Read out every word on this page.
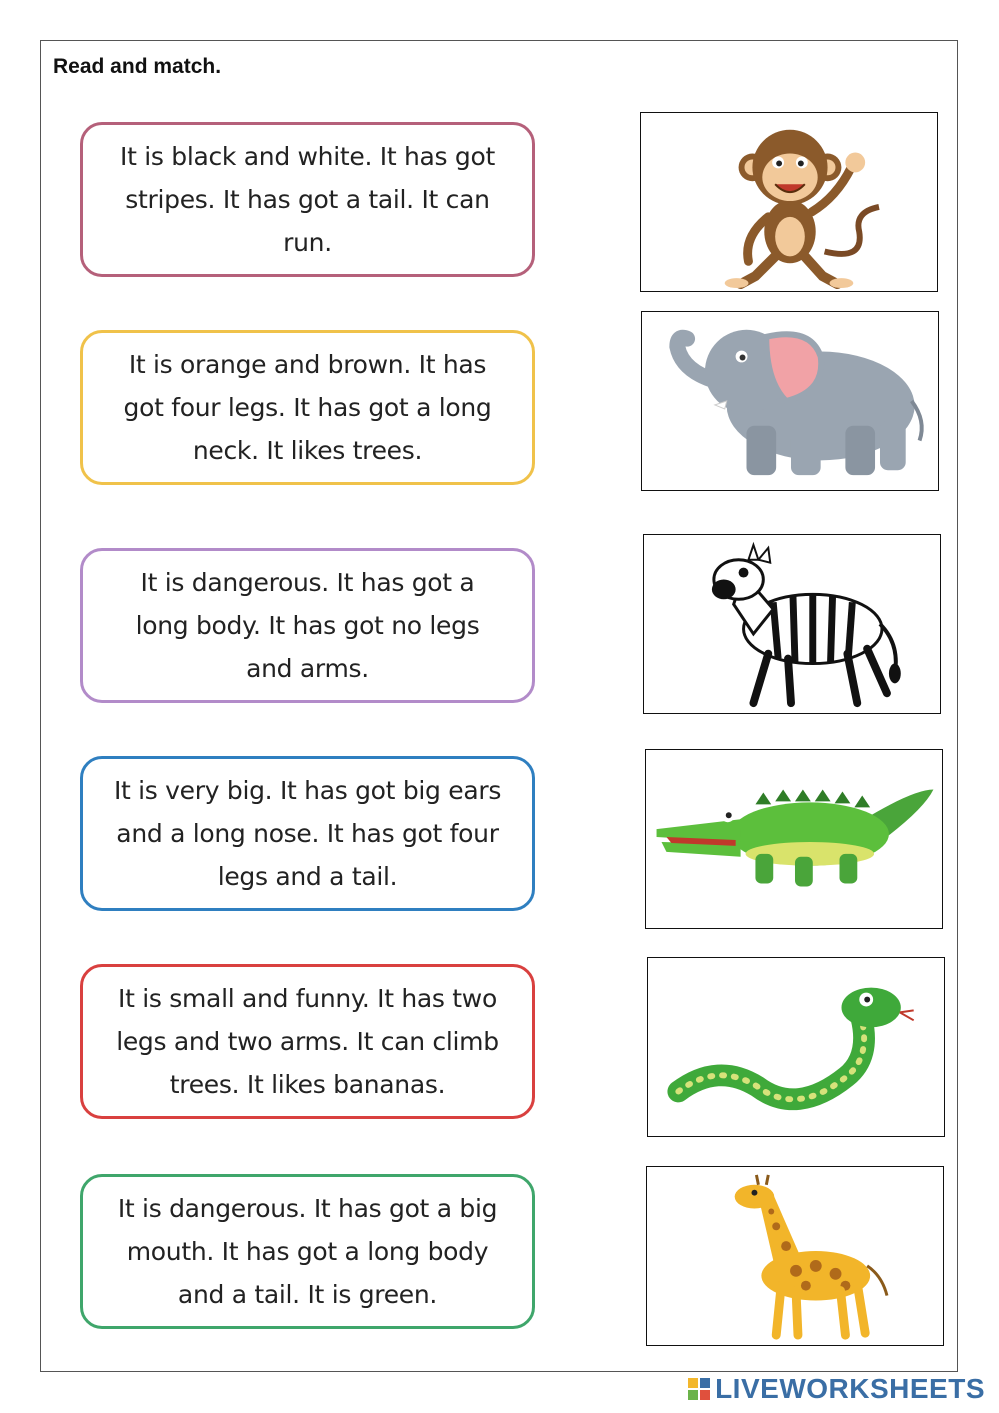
Read and match.
It is black and white. It has got stripes. It has got a tail. It can run.
It is orange and brown. It has got four legs. It has got a long neck. It likes trees.
It is dangerous. It has got a long body. It has got no legs and arms.
It is very big. It has got big ears and a long nose. It has got four legs and a tail.
It is small and funny. It has two legs and two arms. It can climb trees. It likes bananas.
It is dangerous. It has got a big mouth. It has got a long body and a tail. It is green.
LIVEWORKSHEETS
